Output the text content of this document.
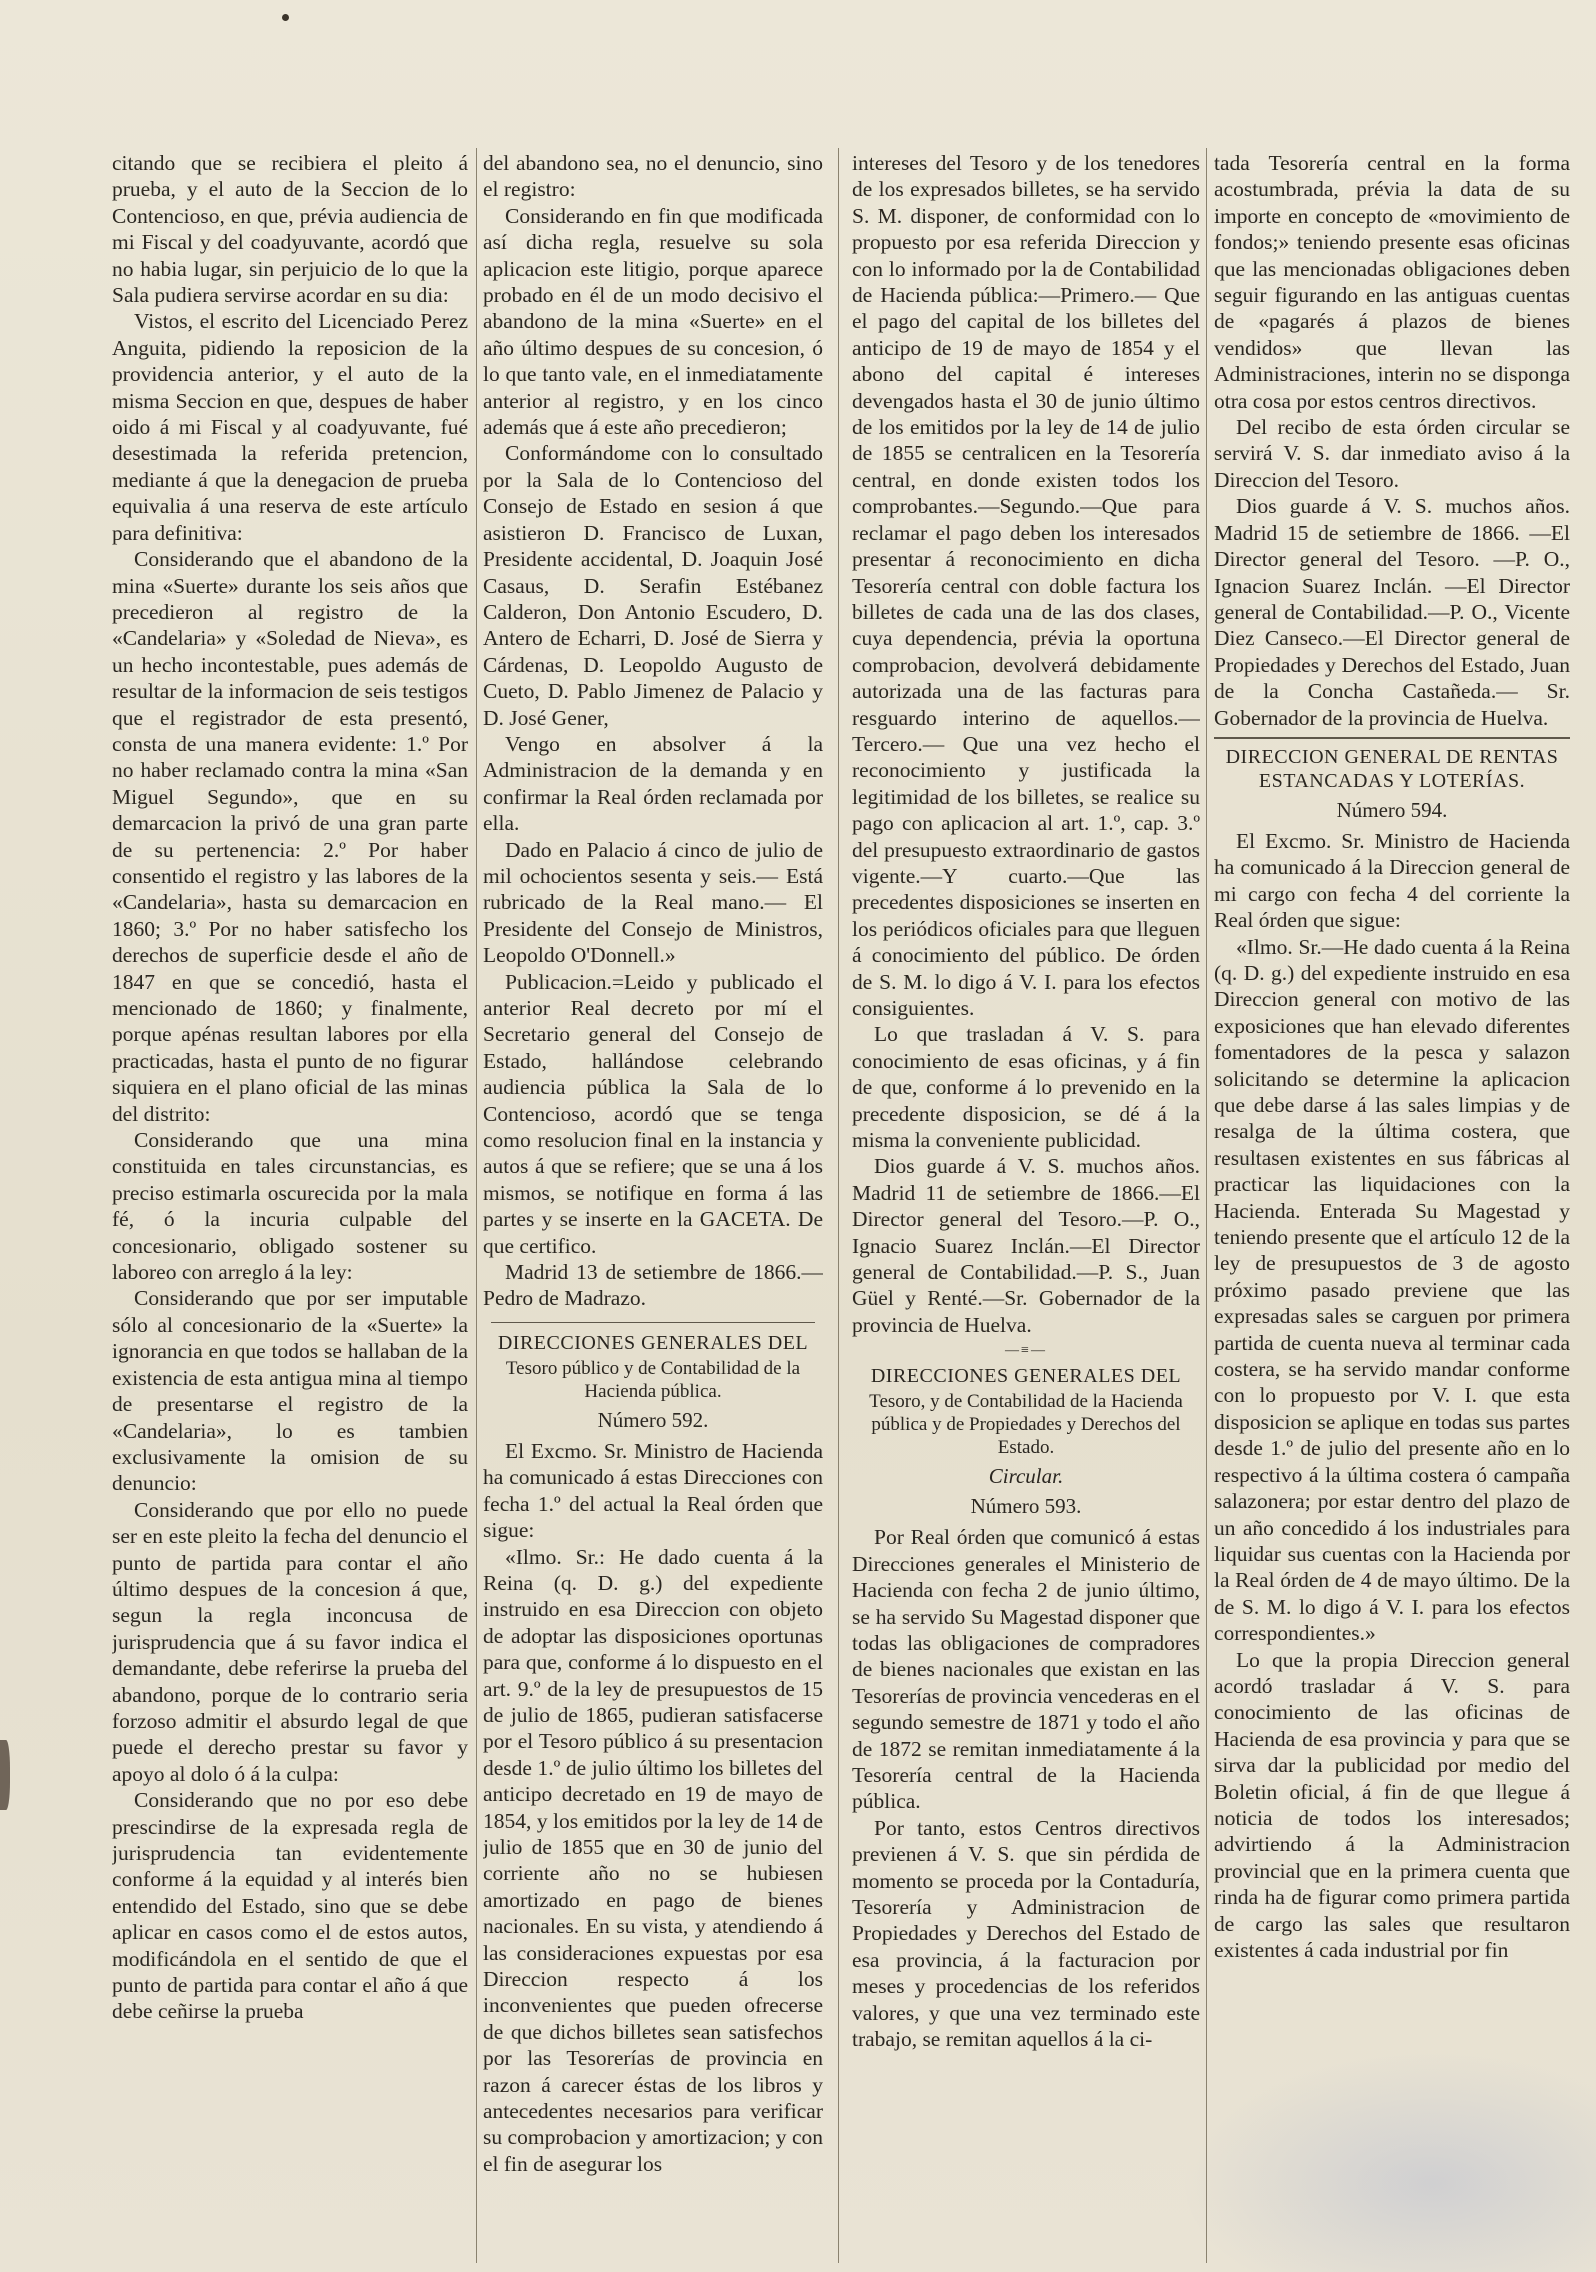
citando que se recibiera el pleito á prueba, y el auto de la Seccion de lo Contencioso, en que, prévia audiencia de mi Fiscal y del coadyuvante, acordó que no habia lugar, sin perjuicio de lo que la Sala pudiera servirse acordar en su dia:

Vistos, el escrito del Licenciado Perez Anguita, pidiendo la reposicion de la providencia anterior, y el auto de la misma Seccion en que, despues de haber oido á mi Fiscal y al coadyuvante, fué desestimada la referida pretencion, mediante á que la denegacion de prueba equivalia á una reserva de este artículo para definitiva:

Considerando que el abandono de la mina «Suerte» durante los seis años que precedieron al registro de la «Candelaria» y «Soledad de Nieva», es un hecho incontestable, pues además de resultar de la informacion de seis testigos que el registrador de esta presentó, consta de una manera evidente: 1.º Por no haber reclamado contra la mina «San Miguel Segundo», que en su demarcacion la privó de una gran parte de su pertenencia: 2.º Por haber consentido el registro y las labores de la «Candelaria», hasta su demarcacion en 1860; 3.º Por no haber satisfecho los derechos de superficie desde el año de 1847 en que se concedió, hasta el mencionado de 1860; y finalmente, porque apénas resultan labores por ella practicadas, hasta el punto de no figurar siquiera en el plano oficial de las minas del distrito:

Considerando que una mina constituida en tales circunstancias, es preciso estimarla oscurecida por la mala fé, ó la incuria culpable del concesionario, obligado sostener su laboreo con arreglo á la ley:

Considerando que por ser imputable sólo al concesionario de la «Suerte» la ignorancia en que todos se hallaban de la existencia de esta antigua mina al tiempo de presentarse el registro de la «Candelaria», lo es tambien exclusivamente la omision de su denuncio:

Considerando que por ello no puede ser en este pleito la fecha del denuncio el punto de partida para contar el año último despues de la concesion á que, segun la regla inconcusa de jurisprudencia que á su favor indica el demandante, debe referirse la prueba del abandono, porque de lo contrario seria forzoso admitir el absurdo legal de que puede el derecho prestar su favor y apoyo al dolo ó á la culpa:

Considerando que no por eso debe prescindirse de la expresada regla de jurisprudencia tan evidentemente conforme á la equidad y al interés bien entendido del Estado, sino que se debe aplicar en casos como el de estos autos, modificándola en el sentido de que el punto de partida para contar el año á que debe ceñirse la prueba

del abandono sea, no el denuncio, sino el registro:

Considerando en fin que modificada así dicha regla, resuelve su sola aplicacion este litigio, porque aparece probado en él de un modo decisivo el abandono de la mina «Suerte» en el año último despues de su concesion, ó lo que tanto vale, en el inmediatamente anterior al registro, y en los cinco además que á este año precedieron;

Conformándome con lo consultado por la Sala de lo Contencioso del Consejo de Estado en sesion á que asistieron D. Francisco de Luxan, Presidente accidental, D. Joaquin José Casaus, D. Serafin Estébanez Calderon, Don Antonio Escudero, D. Antero de Echarri, D. José de Sierra y Cárdenas, D. Leopoldo Augusto de Cueto, D. Pablo Jimenez de Palacio y D. José Gener,

Vengo en absolver á la Administracion de la demanda y en confirmar la Real órden reclamada por ella.

Dado en Palacio á cinco de julio de mil ochocientos sesenta y seis.— Está rubricado de la Real mano.— El Presidente del Consejo de Ministros, Leopoldo O'Donnell.»

Publicacion.=Leido y publicado el anterior Real decreto por mí el Secretario general del Consejo de Estado, hallándose celebrando audiencia pública la Sala de lo Contencioso, acordó que se tenga como resolucion final en la instancia y autos á que se refiere; que se una á los mismos, se notifique en forma á las partes y se inserte en la GACETA. De que certifico.

Madrid 13 de setiembre de 1866.— Pedro de Madrazo.

DIRECCIONES GENERALES DEL
Tesoro público y de Contabilidad de la Hacienda pública.
Número 592.

El Excmo. Sr. Ministro de Hacienda ha comunicado á estas Direcciones con fecha 1.º del actual la Real órden que sigue:

«Ilmo. Sr.: He dado cuenta á la Reina (q. D. g.) del expediente instruido en esa Direccion con objeto de adoptar las disposiciones oportunas para que, conforme á lo dispuesto en el art. 9.º de la ley de presupuestos de 15 de julio de 1865, pudieran satisfacerse por el Tesoro público á su presentacion desde 1.º de julio último los billetes del anticipo decretado en 19 de mayo de 1854, y los emitidos por la ley de 14 de julio de 1855 que en 30 de junio del corriente año no se hubiesen amortizado en pago de bienes nacionales. En su vista, y atendiendo á las consideraciones expuestas por esa Direccion respecto á los inconvenientes que pueden ofrecerse de que dichos billetes sean satisfechos por las Tesorerías de provincia en razon á carecer éstas de los libros y antecedentes necesarios para verificar su comprobacion y amortizacion; y con el fin de asegurar los

intereses del Tesoro y de los tenedores de los expresados billetes, se ha servido S. M. disponer, de conformidad con lo propuesto por esa referida Direccion y con lo informado por la de Contabilidad de Hacienda pública:—Primero.— Que el pago del capital de los billetes del anticipo de 19 de mayo de 1854 y el abono del capital é intereses devengados hasta el 30 de junio último de los emitidos por la ley de 14 de julio de 1855 se centralicen en la Tesorería central, en donde existen todos los comprobantes.—Segundo.—Que para reclamar el pago deben los interesados presentar á reconocimiento en dicha Tesorería central con doble factura los billetes de cada una de las dos clases, cuya dependencia, prévia la oportuna comprobacion, devolverá debidamente autorizada una de las facturas para resguardo interino de aquellos.—Tercero.— Que una vez hecho el reconocimiento y justificada la legitimidad de los billetes, se realice su pago con aplicacion al art. 1.º, cap. 3.º del presupuesto extraordinario de gastos vigente.—Y cuarto.—Que las precedentes disposiciones se inserten en los periódicos oficiales para que lleguen á conocimiento del público. De órden de S. M. lo digo á V. I. para los efectos consiguientes.

Lo que trasladan á V. S. para conocimiento de esas oficinas, y á fin de que, conforme á lo prevenido en la precedente disposicion, se dé á la misma la conveniente publicidad.

Dios guarde á V. S. muchos años. Madrid 11 de setiembre de 1866.—El Director general del Tesoro.—P. O., Ignacio Suarez Inclán.—El Director general de Contabilidad.—P. S., Juan Güel y Renté.—Sr. Gobernador de la provincia de Huelva.

—≡—
DIRECCIONES GENERALES DEL
Tesoro, y de Contabilidad de la Hacienda pública y de Propiedades y Derechos del Estado.
Circular.
Número 593.

Por Real órden que comunicó á estas Direcciones generales el Ministerio de Hacienda con fecha 2 de junio último, se ha servido Su Magestad disponer que todas las obligaciones de compradores de bienes nacionales que existan en las Tesorerías de provincia vencederas en el segundo semestre de 1871 y todo el año de 1872 se remitan inmediatamente á la Tesorería central de la Hacienda pública.

Por tanto, estos Centros directivos previenen á V. S. que sin pérdida de momento se proceda por la Contaduría, Tesorería y Administracion de Propiedades y Derechos del Estado de esa provincia, á la facturacion por meses y procedencias de los referidos valores, y que una vez terminado este trabajo, se remitan aquellos á la ci-

tada Tesorería central en la forma acostumbrada, prévia la data de su importe en concepto de «movimiento de fondos;» teniendo presente esas oficinas que las mencionadas obligaciones deben seguir figurando en las antiguas cuentas de «pagarés á plazos de bienes vendidos» que llevan las Administraciones, interin no se disponga otra cosa por estos centros directivos.

Del recibo de esta órden circular se servirá V. S. dar inmediato aviso á la Direccion del Tesoro.

Dios guarde á V. S. muchos años. Madrid 15 de setiembre de 1866. —El Director general del Tesoro. —P. O., Ignacion Suarez Inclán. —El Director general de Contabilidad.—P. O., Vicente Diez Canseco.—El Director general de Propiedades y Derechos del Estado, Juan de la Concha Castañeda.— Sr. Gobernador de la provincia de Huelva.

DIRECCION GENERAL DE RENTAS ESTANCADAS Y LOTERÍAS.
Número 594.

El Excmo. Sr. Ministro de Hacienda ha comunicado á la Direccion general de mi cargo con fecha 4 del corriente la Real órden que sigue:

«Ilmo. Sr.—He dado cuenta á la Reina (q. D. g.) del expediente instruido en esa Direccion general con motivo de las exposiciones que han elevado diferentes fomentadores de la pesca y salazon solicitando se determine la aplicacion que debe darse á las sales limpias y de resalga de la última costera, que resultasen existentes en sus fábricas al practicar las liquidaciones con la Hacienda. Enterada Su Magestad y teniendo presente que el artículo 12 de la ley de presupuestos de 3 de agosto próximo pasado previene que las expresadas sales se carguen por primera partida de cuenta nueva al terminar cada costera, se ha servido mandar conforme con lo propuesto por V. I. que esta disposicion se aplique en todas sus partes desde 1.º de julio del presente año en lo respectivo á la última costera ó campaña salazonera; por estar dentro del plazo de un año concedido á los industriales para liquidar sus cuentas con la Hacienda por la Real órden de 4 de mayo último. De la de S. M. lo digo á V. I. para los efectos correspondientes.»

Lo que la propia Direccion general acordó trasladar á V. S. para conocimiento de las oficinas de Hacienda de esa provincia y para que se sirva dar la publicidad por medio del Boletin oficial, á fin de que llegue á noticia de todos los interesados; advirtiendo á la Administracion provincial que en la primera cuenta que rinda ha de figurar como primera partida de cargo las sales que resultaron existentes á cada industrial por fin
